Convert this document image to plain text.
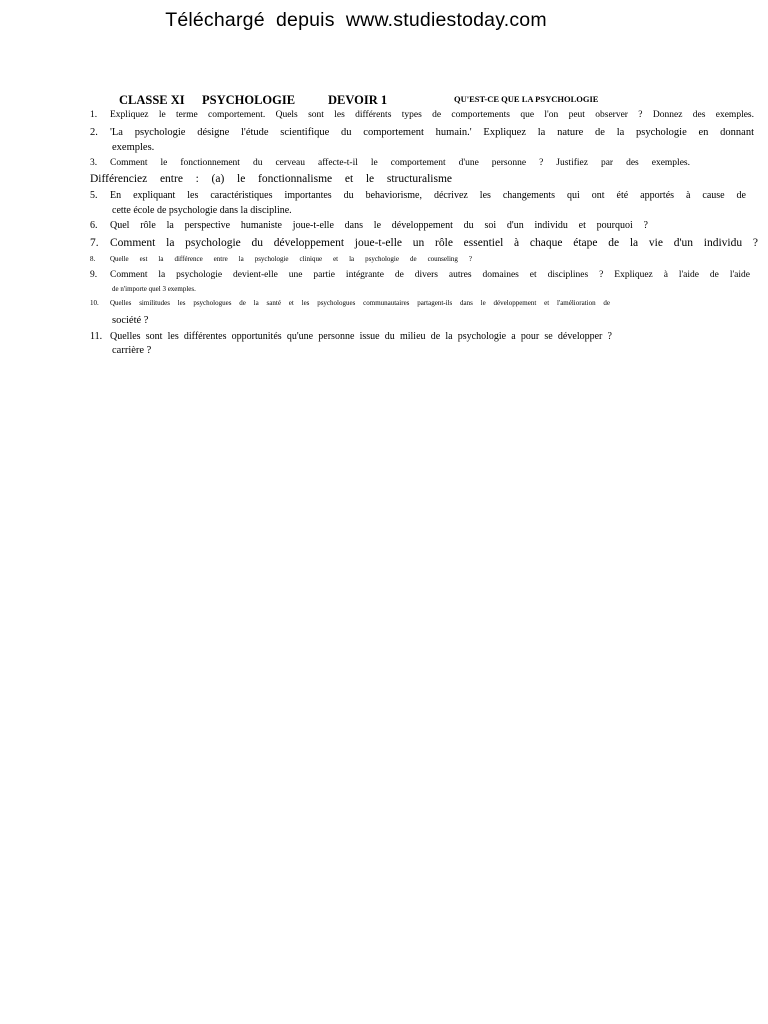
Téléchargé  depuis  www.studiestoday.com
CLASSE XI PSYCHOLOGIE	DEVOIR 1	QU'EST-CE QUE LA PSYCHOLOGIE
1. Expliquez le terme comportement. Quels sont les différents types de comportements que l'on peut observer ? Donnez des exemples.
2. 'La psychologie désigne l'étude scientifique du comportement humain.' Expliquez la nature de la psychologie en donnant
exemples.
3. Comment le fonctionnement du cerveau affecte-t-il le comportement d'une personne ? Justifiez par des exemples.
Différenciez entre : (a) le fonctionnalisme et le structuralisme
5. En expliquant les caractéristiques importantes du behaviorisme, décrivez les changements qui ont été apportés à cause de
cette école de psychologie dans la discipline.
6. Quel rôle la perspective humaniste joue-t-elle dans le développement du soi d'un individu et pourquoi ?
7. Comment la psychologie du développement joue-t-elle un rôle essentiel à chaque étape de la vie d'un individu ?
8. Quelle est la différence entre la psychologie clinique et la psychologie de counseling ?
de n'importe quel 3 exemples.
9. Comment la psychologie devient-elle une partie intégrante de divers autres domaines et disciplines ? Expliquez à l'aide de l'aide
10. Quelles similitudes les psychologues de la santé et les psychologues communautaires partagent-ils dans le développement et l'amélioration de
société ?
11. Quelles sont les différentes opportunités qu'une personne issue du milieu de la psychologie a pour se développer ?
carrière ?
